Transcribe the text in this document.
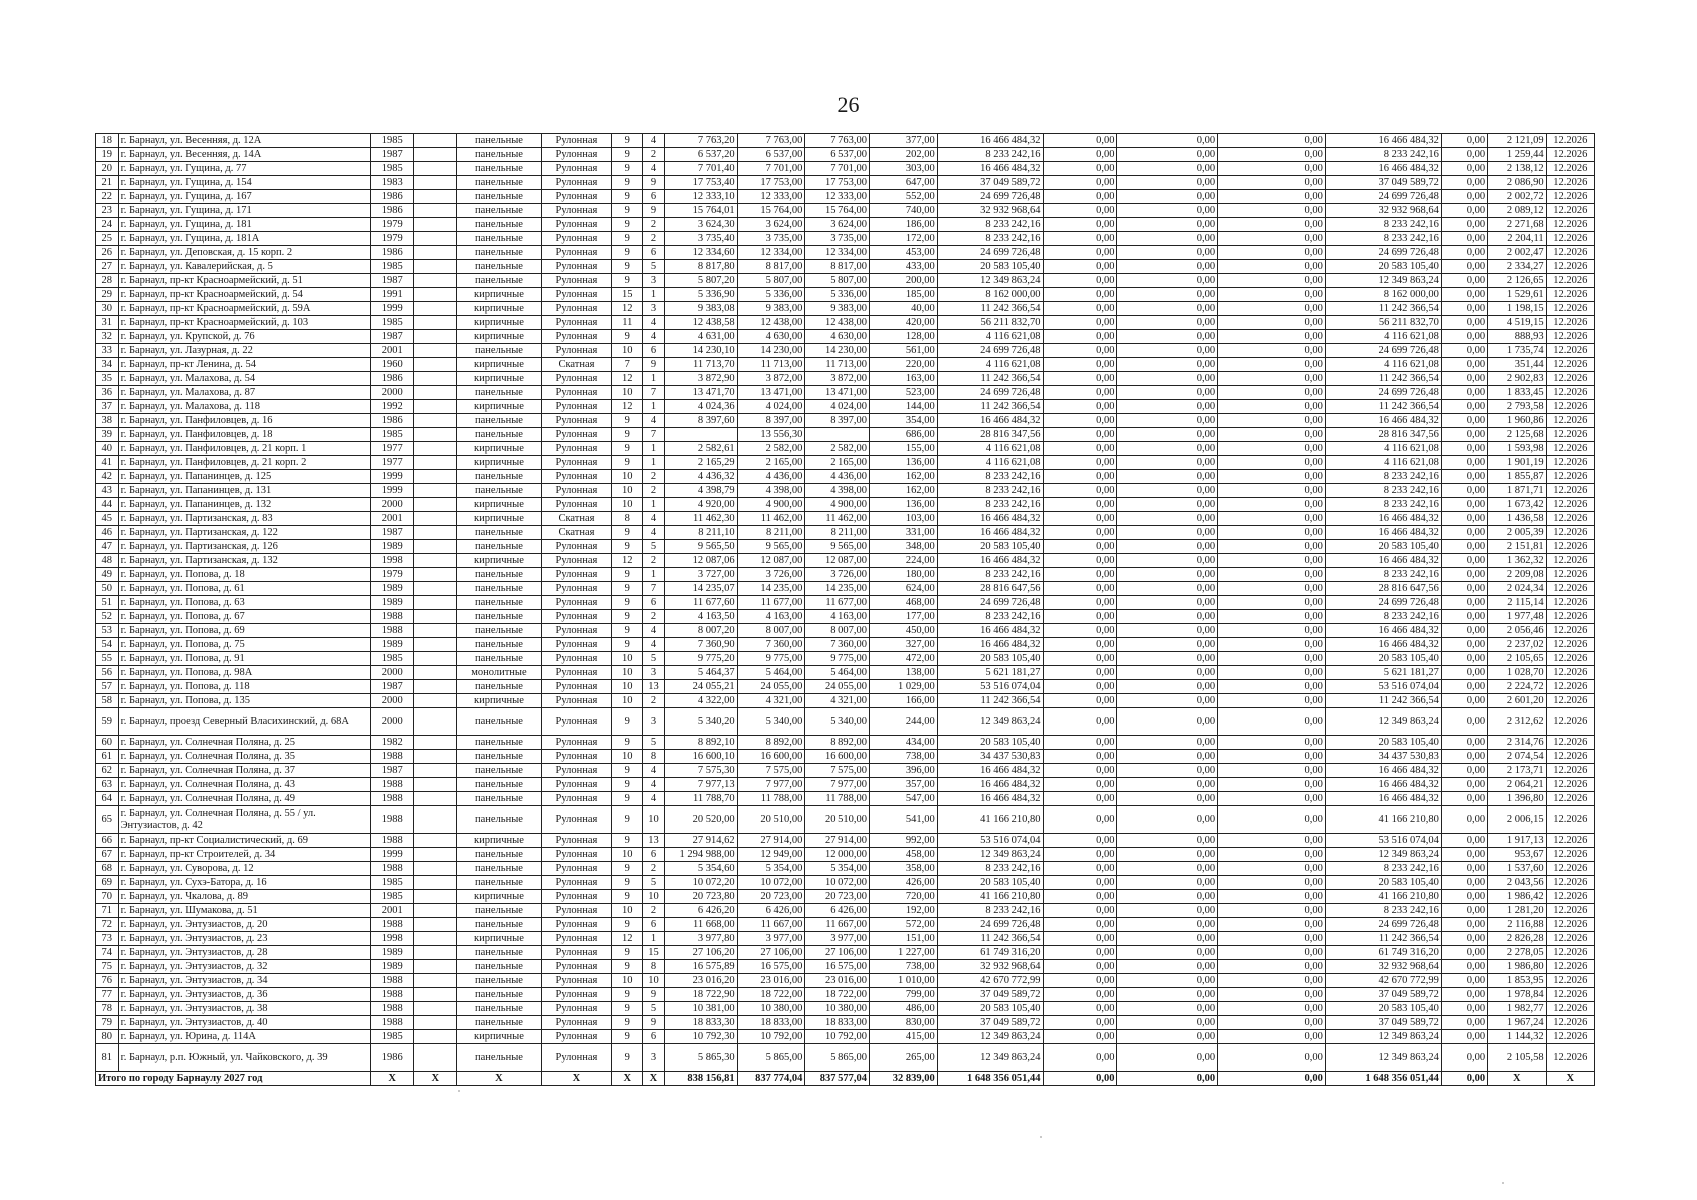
26
18	г. Барнаул, ул. Весенняя, д. 12А	1985		панельные	Рулонная	9	4	7 763,20	7 763,00	7 763,00	377,00	16 466 484,32	0,00	0,00	0,00	16 466 484,32	0,00	2 121,09	12.2026
19	г. Барнаул, ул. Весенняя, д. 14А	1987		панельные	Рулонная	9	2	6 537,20	6 537,00	6 537,00	202,00	8 233 242,16	0,00	0,00	0,00	8 233 242,16	0,00	1 259,44	12.2026
20	г. Барнаул, ул. Гущина, д. 77	1985		панельные	Рулонная	9	4	7 701,40	7 701,00	7 701,00	303,00	16 466 484,32	0,00	0,00	0,00	16 466 484,32	0,00	2 138,12	12.2026
21	г. Барнаул, ул. Гущина, д. 154	1983		панельные	Рулонная	9	9	17 753,40	17 753,00	17 753,00	647,00	37 049 589,72	0,00	0,00	0,00	37 049 589,72	0,00	2 086,90	12.2026
22	г. Барнаул, ул. Гущина, д. 167	1986		панельные	Рулонная	9	6	12 333,10	12 333,00	12 333,00	552,00	24 699 726,48	0,00	0,00	0,00	24 699 726,48	0,00	2 002,72	12.2026
23	г. Барнаул, ул. Гущина, д. 171	1986		панельные	Рулонная	9	9	15 764,01	15 764,00	15 764,00	740,00	32 932 968,64	0,00	0,00	0,00	32 932 968,64	0,00	2 089,12	12.2026
24	г. Барнаул, ул. Гущина, д. 181	1979		панельные	Рулонная	9	2	3 624,30	3 624,00	3 624,00	186,00	8 233 242,16	0,00	0,00	0,00	8 233 242,16	0,00	2 271,68	12.2026
25	г. Барнаул, ул. Гущина, д. 181А	1979		панельные	Рулонная	9	2	3 735,40	3 735,00	3 735,00	172,00	8 233 242,16	0,00	0,00	0,00	8 233 242,16	0,00	2 204,11	12.2026
26	г. Барнаул, ул. Деповская, д. 15 корп. 2	1986		панельные	Рулонная	9	6	12 334,60	12 334,00	12 334,00	453,00	24 699 726,48	0,00	0,00	0,00	24 699 726,48	0,00	2 002,47	12.2026
27	г. Барнаул, ул. Кавалерийская, д. 5	1985		панельные	Рулонная	9	5	8 817,80	8 817,00	8 817,00	433,00	20 583 105,40	0,00	0,00	0,00	20 583 105,40	0,00	2 334,27	12.2026
28	г. Барнаул, пр-кт Красноармейский, д. 51	1987		панельные	Рулонная	9	3	5 807,20	5 807,00	5 807,00	200,00	12 349 863,24	0,00	0,00	0,00	12 349 863,24	0,00	2 126,65	12.2026
29	г. Барнаул, пр-кт Красноармейский, д. 54	1991		кирпичные	Рулонная	15	1	5 336,90	5 336,00	5 336,00	185,00	8 162 000,00	0,00	0,00	0,00	8 162 000,00	0,00	1 529,61	12.2026
30	г. Барнаул, пр-кт Красноармейский, д. 59А	1999		кирпичные	Рулонная	12	3	9 383,08	9 383,00	9 383,00	40,00	11 242 366,54	0,00	0,00	0,00	11 242 366,54	0,00	1 198,15	12.2026
31	г. Барнаул, пр-кт Красноармейский, д. 103	1985		кирпичные	Рулонная	11	4	12 438,58	12 438,00	12 438,00	420,00	56 211 832,70	0,00	0,00	0,00	56 211 832,70	0,00	4 519,15	12.2026
32	г. Барнаул, ул. Крупской, д. 76	1987		кирпичные	Рулонная	9	4	4 631,00	4 630,00	4 630,00	128,00	4 116 621,08	0,00	0,00	0,00	4 116 621,08	0,00	888,93	12.2026
33	г. Барнаул, ул. Лазурная, д. 22	2001		панельные	Рулонная	10	6	14 230,10	14 230,00	14 230,00	561,00	24 699 726,48	0,00	0,00	0,00	24 699 726,48	0,00	1 735,74	12.2026
34	г. Барнаул, пр-кт Ленина, д. 54	1960		кирпичные	Скатная	7	9	11 713,70	11 713,00	11 713,00	220,00	4 116 621,08	0,00	0,00	0,00	4 116 621,08	0,00	351,44	12.2026
35	г. Барнаул, ул. Малахова, д. 54	1986		кирпичные	Рулонная	12	1	3 872,90	3 872,00	3 872,00	163,00	11 242 366,54	0,00	0,00	0,00	11 242 366,54	0,00	2 902,83	12.2026
36	г. Барнаул, ул. Малахова, д. 87	2000		панельные	Рулонная	10	7	13 471,70	13 471,00	13 471,00	523,00	24 699 726,48	0,00	0,00	0,00	24 699 726,48	0,00	1 833,45	12.2026
37	г. Барнаул, ул. Малахова, д. 118	1992		кирпичные	Рулонная	12	1	4 024,36	4 024,00	4 024,00	144,00	11 242 366,54	0,00	0,00	0,00	11 242 366,54	0,00	2 793,58	12.2026
38	г. Барнаул, ул. Панфиловцев, д. 16	1986		панельные	Рулонная	9	4	8 397,60	8 397,00	8 397,00	354,00	16 466 484,32	0,00	0,00	0,00	16 466 484,32	0,00	1 960,86	12.2026
39	г. Барнаул, ул. Панфиловцев, д. 18	1985		панельные	Рулонная	9	7		13 556,30		686,00	28 816 347,56	0,00	0,00	0,00	28 816 347,56	0,00	2 125,68	12.2026
40	г. Барнаул, ул. Панфиловцев, д. 21 корп. 1	1977		кирпичные	Рулонная	9	1	2 582,61	2 582,00	2 582,00	155,00	4 116 621,08	0,00	0,00	0,00	4 116 621,08	0,00	1 593,98	12.2026
41	г. Барнаул, ул. Панфиловцев, д. 21 корп. 2	1977		кирпичные	Рулонная	9	1	2 165,29	2 165,00	2 165,00	136,00	4 116 621,08	0,00	0,00	0,00	4 116 621,08	0,00	1 901,19	12.2026
42	г. Барнаул, ул. Папанинцев, д. 125	1999		панельные	Рулонная	10	2	4 436,32	4 436,00	4 436,00	162,00	8 233 242,16	0,00	0,00	0,00	8 233 242,16	0,00	1 855,87	12.2026
43	г. Барнаул, ул. Папанинцев, д. 131	1999		панельные	Рулонная	10	2	4 398,79	4 398,00	4 398,00	162,00	8 233 242,16	0,00	0,00	0,00	8 233 242,16	0,00	1 871,71	12.2026
44	г. Барнаул, ул. Папанинцев, д. 132	2000		кирпичные	Рулонная	10	1	4 920,00	4 900,00	4 900,00	136,00	8 233 242,16	0,00	0,00	0,00	8 233 242,16	0,00	1 673,42	12.2026
45	г. Барнаул, ул. Партизанская, д. 83	2001		кирпичные	Скатная	8	4	11 462,30	11 462,00	11 462,00	103,00	16 466 484,32	0,00	0,00	0,00	16 466 484,32	0,00	1 436,58	12.2026
46	г. Барнаул, ул. Партизанская, д. 122	1987		панельные	Скатная	9	4	8 211,10	8 211,00	8 211,00	331,00	16 466 484,32	0,00	0,00	0,00	16 466 484,32	0,00	2 005,39	12.2026
47	г. Барнаул, ул. Партизанская, д. 126	1989		панельные	Рулонная	9	5	9 565,50	9 565,00	9 565,00	348,00	20 583 105,40	0,00	0,00	0,00	20 583 105,40	0,00	2 151,81	12.2026
48	г. Барнаул, ул. Партизанская, д. 132	1998		кирпичные	Рулонная	12	2	12 087,06	12 087,00	12 087,00	224,00	16 466 484,32	0,00	0,00	0,00	16 466 484,32	0,00	1 362,32	12.2026
49	г. Барнаул, ул. Попова, д. 18	1979		панельные	Рулонная	9	1	3 727,00	3 726,00	3 726,00	180,00	8 233 242,16	0,00	0,00	0,00	8 233 242,16	0,00	2 209,08	12.2026
50	г. Барнаул, ул. Попова, д. 61	1989		панельные	Рулонная	9	7	14 235,07	14 235,00	14 235,00	624,00	28 816 647,56	0,00	0,00	0,00	28 816 647,56	0,00	2 024,34	12.2026
51	г. Барнаул, ул. Попова, д. 63	1989		панельные	Рулонная	9	6	11 677,60	11 677,00	11 677,00	468,00	24 699 726,48	0,00	0,00	0,00	24 699 726,48	0,00	2 115,14	12.2026
52	г. Барнаул, ул. Попова, д. 67	1988		панельные	Рулонная	9	2	4 163,50	4 163,00	4 163,00	177,00	8 233 242,16	0,00	0,00	0,00	8 233 242,16	0,00	1 977,48	12.2026
53	г. Барнаул, ул. Попова, д. 69	1988		панельные	Рулонная	9	4	8 007,20	8 007,00	8 007,00	450,00	16 466 484,32	0,00	0,00	0,00	16 466 484,32	0,00	2 056,46	12.2026
54	г. Барнаул, ул. Попова, д. 75	1989		панельные	Рулонная	9	4	7 360,90	7 360,00	7 360,00	327,00	16 466 484,32	0,00	0,00	0,00	16 466 484,32	0,00	2 237,02	12.2026
55	г. Барнаул, ул. Попова, д. 91	1985		панельные	Рулонная	10	5	9 775,20	9 775,00	9 775,00	472,00	20 583 105,40	0,00	0,00	0,00	20 583 105,40	0,00	2 105,65	12.2026
56	г. Барнаул, ул. Попова, д. 98А	2000		монолитные	Рулонная	10	3	5 464,37	5 464,00	5 464,00	138,00	5 621 181,27	0,00	0,00	0,00	5 621 181,27	0,00	1 028,70	12.2026
57	г. Барнаул, ул. Попова, д. 118	1987		панельные	Рулонная	10	13	24 055,21	24 055,00	24 055,00	1 029,00	53 516 074,04	0,00	0,00	0,00	53 516 074,04	0,00	2 224,72	12.2026
58	г. Барнаул, ул. Попова, д. 135	2000		кирпичные	Рулонная	10	2	4 322,00	4 321,00	4 321,00	166,00	11 242 366,54	0,00	0,00	0,00	11 242 366,54	0,00	2 601,20	12.2026
59	г. Барнаул, проезд Северный Власихинский, д. 68А	2000		панельные	Рулонная	9	3	5 340,20	5 340,00	5 340,00	244,00	12 349 863,24	0,00	0,00	0,00	12 349 863,24	0,00	2 312,62	12.2026
60	г. Барнаул, ул. Солнечная Поляна, д. 25	1982		панельные	Рулонная	9	5	8 892,10	8 892,00	8 892,00	434,00	20 583 105,40	0,00	0,00	0,00	20 583 105,40	0,00	2 314,76	12.2026
61	г. Барнаул, ул. Солнечная Поляна, д. 35	1988		панельные	Рулонная	10	8	16 600,10	16 600,00	16 600,00	738,00	34 437 530,83	0,00	0,00	0,00	34 437 530,83	0,00	2 074,54	12.2026
62	г. Барнаул, ул. Солнечная Поляна, д. 37	1987		панельные	Рулонная	9	4	7 575,30	7 575,00	7 575,00	396,00	16 466 484,32	0,00	0,00	0,00	16 466 484,32	0,00	2 173,71	12.2026
63	г. Барнаул, ул. Солнечная Поляна, д. 43	1988		панельные	Рулонная	9	4	7 977,13	7 977,00	7 977,00	357,00	16 466 484,32	0,00	0,00	0,00	16 466 484,32	0,00	2 064,21	12.2026
64	г. Барнаул, ул. Солнечная Поляна, д. 49	1988		панельные	Рулонная	9	4	11 788,70	11 788,00	11 788,00	547,00	16 466 484,32	0,00	0,00	0,00	16 466 484,32	0,00	1 396,80	12.2026
65	г. Барнаул, ул. Солнечная Поляна, д. 55 / ул. Энтузиастов, д. 42	1988		панельные	Рулонная	9	10	20 520,00	20 510,00	20 510,00	541,00	41 166 210,80	0,00	0,00	0,00	41 166 210,80	0,00	2 006,15	12.2026
66	г. Барнаул, пр-кт Социалистический, д. 69	1988		кирпичные	Рулонная	9	13	27 914,62	27 914,00	27 914,00	992,00	53 516 074,04	0,00	0,00	0,00	53 516 074,04	0,00	1 917,13	12.2026
67	г. Барнаул, пр-кт Строителей, д. 34	1999		панельные	Рулонная	10	6	1 294 988,00	12 949,00	12 000,00	458,00	12 349 863,24	0,00	0,00	0,00	12 349 863,24	0,00	953,67	12.2026
68	г. Барнаул, ул. Суворова, д. 12	1988		панельные	Рулонная	9	2	5 354,60	5 354,00	5 354,00	358,00	8 233 242,16	0,00	0,00	0,00	8 233 242,16	0,00	1 537,60	12.2026
69	г. Барнаул, ул. Сухэ-Батора, д. 16	1985		панельные	Рулонная	9	5	10 072,20	10 072,00	10 072,00	426,00	20 583 105,40	0,00	0,00	0,00	20 583 105,40	0,00	2 043,56	12.2026
70	г. Барнаул, ул. Чкалова, д. 89	1985		кирпичные	Рулонная	9	10	20 723,80	20 723,00	20 723,00	720,00	41 166 210,80	0,00	0,00	0,00	41 166 210,80	0,00	1 986,42	12.2026
71	г. Барнаул, ул. Шумакова, д. 51	2001		панельные	Рулонная	10	2	6 426,20	6 426,00	6 426,00	192,00	8 233 242,16	0,00	0,00	0,00	8 233 242,16	0,00	1 281,20	12.2026
72	г. Барнаул, ул. Энтузиастов, д. 20	1988		панельные	Рулонная	9	6	11 668,00	11 667,00	11 667,00	572,00	24 699 726,48	0,00	0,00	0,00	24 699 726,48	0,00	2 116,88	12.2026
73	г. Барнаул, ул. Энтузиастов, д. 23	1998		кирпичные	Рулонная	12	1	3 977,80	3 977,00	3 977,00	151,00	11 242 366,54	0,00	0,00	0,00	11 242 366,54	0,00	2 826,28	12.2026
74	г. Барнаул, ул. Энтузиастов, д. 28	1989		панельные	Рулонная	9	15	27 106,20	27 106,00	27 106,00	1 227,00	61 749 316,20	0,00	0,00	0,00	61 749 316,20	0,00	2 278,05	12.2026
75	г. Барнаул, ул. Энтузиастов, д. 32	1989		панельные	Рулонная	9	8	16 575,89	16 575,00	16 575,00	738,00	32 932 968,64	0,00	0,00	0,00	32 932 968,64	0,00	1 986,80	12.2026
76	г. Барнаул, ул. Энтузиастов, д. 34	1988		панельные	Рулонная	10	10	23 016,20	23 016,00	23 016,00	1 010,00	42 670 772,99	0,00	0,00	0,00	42 670 772,99	0,00	1 853,95	12.2026
77	г. Барнаул, ул. Энтузиастов, д. 36	1988		панельные	Рулонная	9	9	18 722,90	18 722,00	18 722,00	799,00	37 049 589,72	0,00	0,00	0,00	37 049 589,72	0,00	1 978,84	12.2026
78	г. Барнаул, ул. Энтузиастов, д. 38	1988		панельные	Рулонная	9	5	10 381,00	10 380,00	10 380,00	486,00	20 583 105,40	0,00	0,00	0,00	20 583 105,40	0,00	1 982,77	12.2026
79	г. Барнаул, ул. Энтузиастов, д. 40	1988		панельные	Рулонная	9	9	18 833,30	18 833,00	18 833,00	830,00	37 049 589,72	0,00	0,00	0,00	37 049 589,72	0,00	1 967,24	12.2026
80	г. Барнаул, ул. Юрина, д. 114А	1985		кирпичные	Рулонная	9	6	10 792,30	10 792,00	10 792,00	415,00	12 349 863,24	0,00	0,00	0,00	12 349 863,24	0,00	1 144,32	12.2026
81	г. Барнаул, р.п. Южный, ул. Чайковского, д. 39	1986		панельные	Рулонная	9	3	5 865,30	5 865,00	5 865,00	265,00	12 349 863,24	0,00	0,00	0,00	12 349 863,24	0,00	2 105,58	12.2026
Итого по городу Барнаулу 2027 год		X	X	X	X	X	X	838 156,81	837 774,04	837 577,04	32 839,00	1 648 356 051,44	0,00	0,00	0,00	1 648 356 051,44	0,00	X	X
